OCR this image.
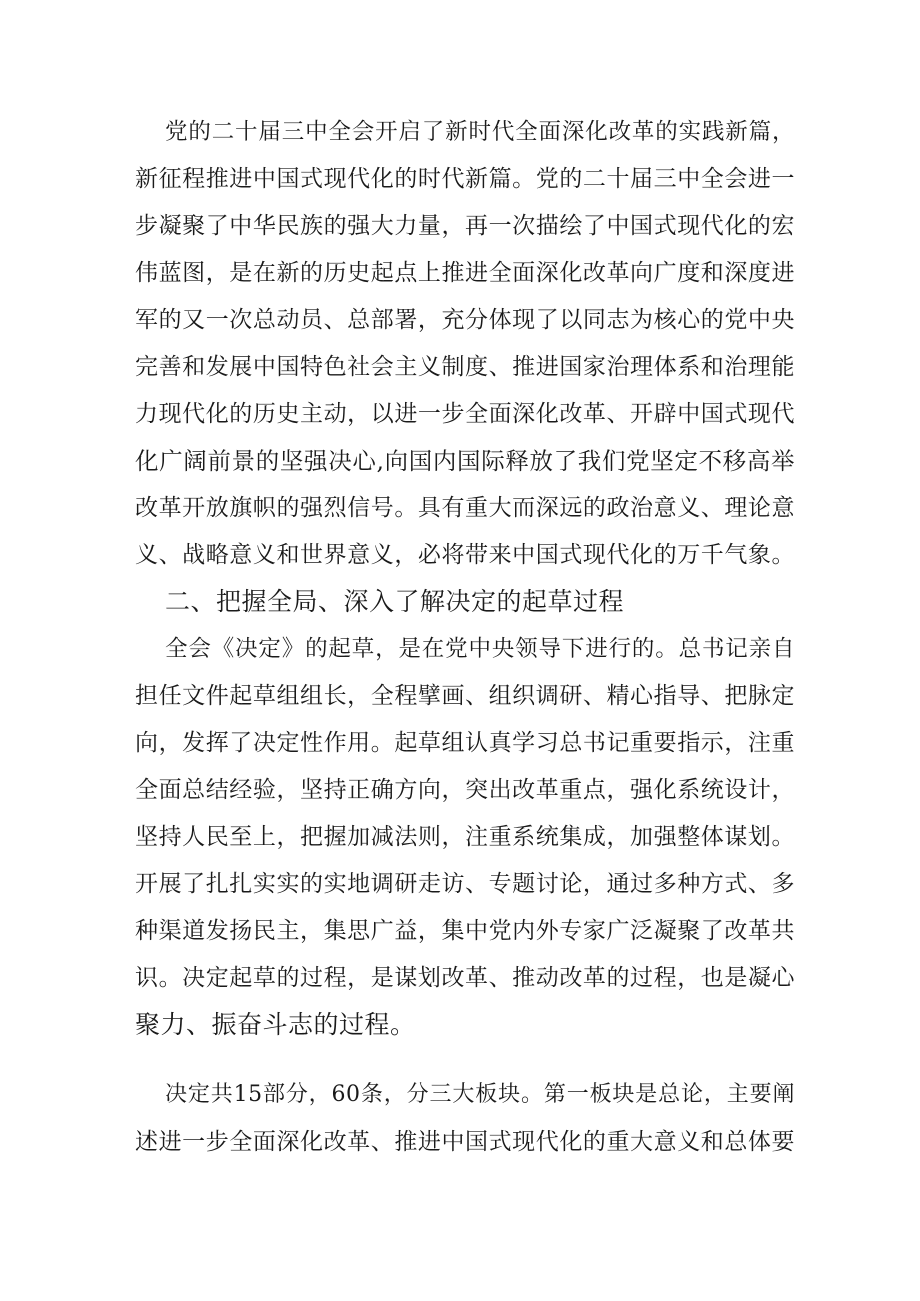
党的二十届三中全会开启了新时代全面深化改革的实践新篇，
新征程推进中国式现代化的时代新篇。党的二十届三中全会进一
步凝聚了中华民族的强大力量，再一次描绘了中国式现代化的宏
伟蓝图，是在新的历史起点上推进全面深化改革向广度和深度进
军的又一次总动员、总部署，充分体现了以同志为核心的党中央
完善和发展中国特色社会主义制度、推进国家治理体系和治理能
力现代化的历史主动，以进一步全面深化改革、开辟中国式现代
化广阔前景的坚强决心,向国内国际释放了我们党坚定不移高举
改革开放旗帜的强烈信号。具有重大而深远的政治意义、理论意
义、战略意义和世界意义，必将带来中国式现代化的万千气象。
二、把握全局、深入了解决定的起草过程
全会《决定》的起草，是在党中央领导下进行的。总书记亲自
担任文件起草组组长，全程擘画、组织调研、精心指导、把脉定
向，发挥了决定性作用。起草组认真学习总书记重要指示，注重
全面总结经验，坚持正确方向，突出改革重点，强化系统设计，
坚持人民至上，把握加减法则，注重系统集成，加强整体谋划。
开展了扎扎实实的实地调研走访、专题讨论，通过多种方式、多
种渠道发扬民主，集思广益，集中党内外专家广泛凝聚了改革共
识。决定起草的过程，是谋划改革、推动改革的过程，也是凝心
聚力、振奋斗志的过程。
决定共15部分，60条，分三大板块。第一板块是总论，主要阐
述进一步全面深化改革、推进中国式现代化的重大意义和总体要
